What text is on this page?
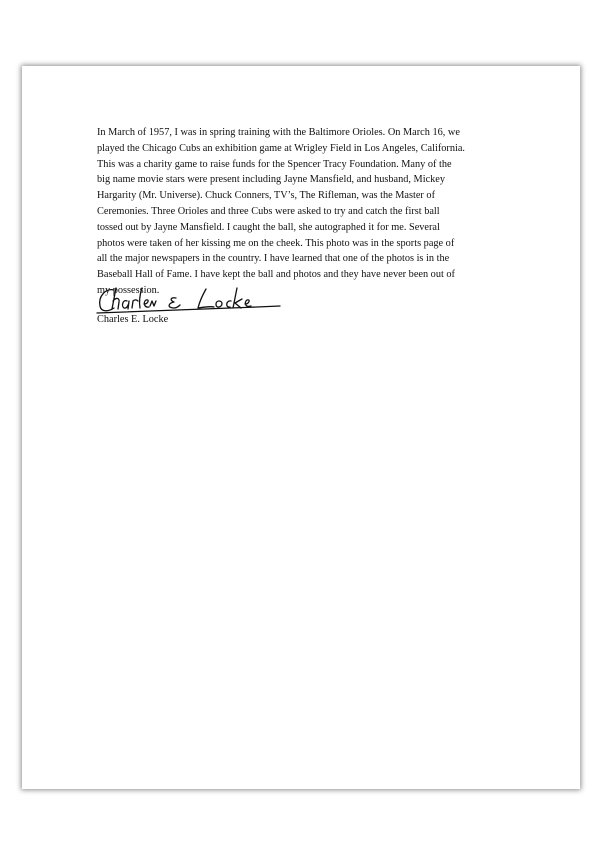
In March of 1957, I was in spring training with the Baltimore Orioles. On March 16, we
played the Chicago Cubs an exhibition game at Wrigley Field in Los Angeles, California.
This was a charity game to raise funds for the Spencer Tracy Foundation. Many of the
big name movie stars were present including Jayne Mansfield, and husband, Mickey
Hargarity (Mr. Universe). Chuck Conners, TV’s, The Rifleman, was the Master of
Ceremonies. Three Orioles and three Cubs were asked to try and catch the first ball
tossed out by Jayne Mansfield. I caught the ball, she autographed it for me. Several
photos were taken of her kissing me on the cheek. This photo was in the sports page of
all the major newspapers in the country. I have learned that one of the photos is in the
Baseball Hall of Fame. I have kept the ball and photos and they have never been out of
my possession.

Charles E. Locke
